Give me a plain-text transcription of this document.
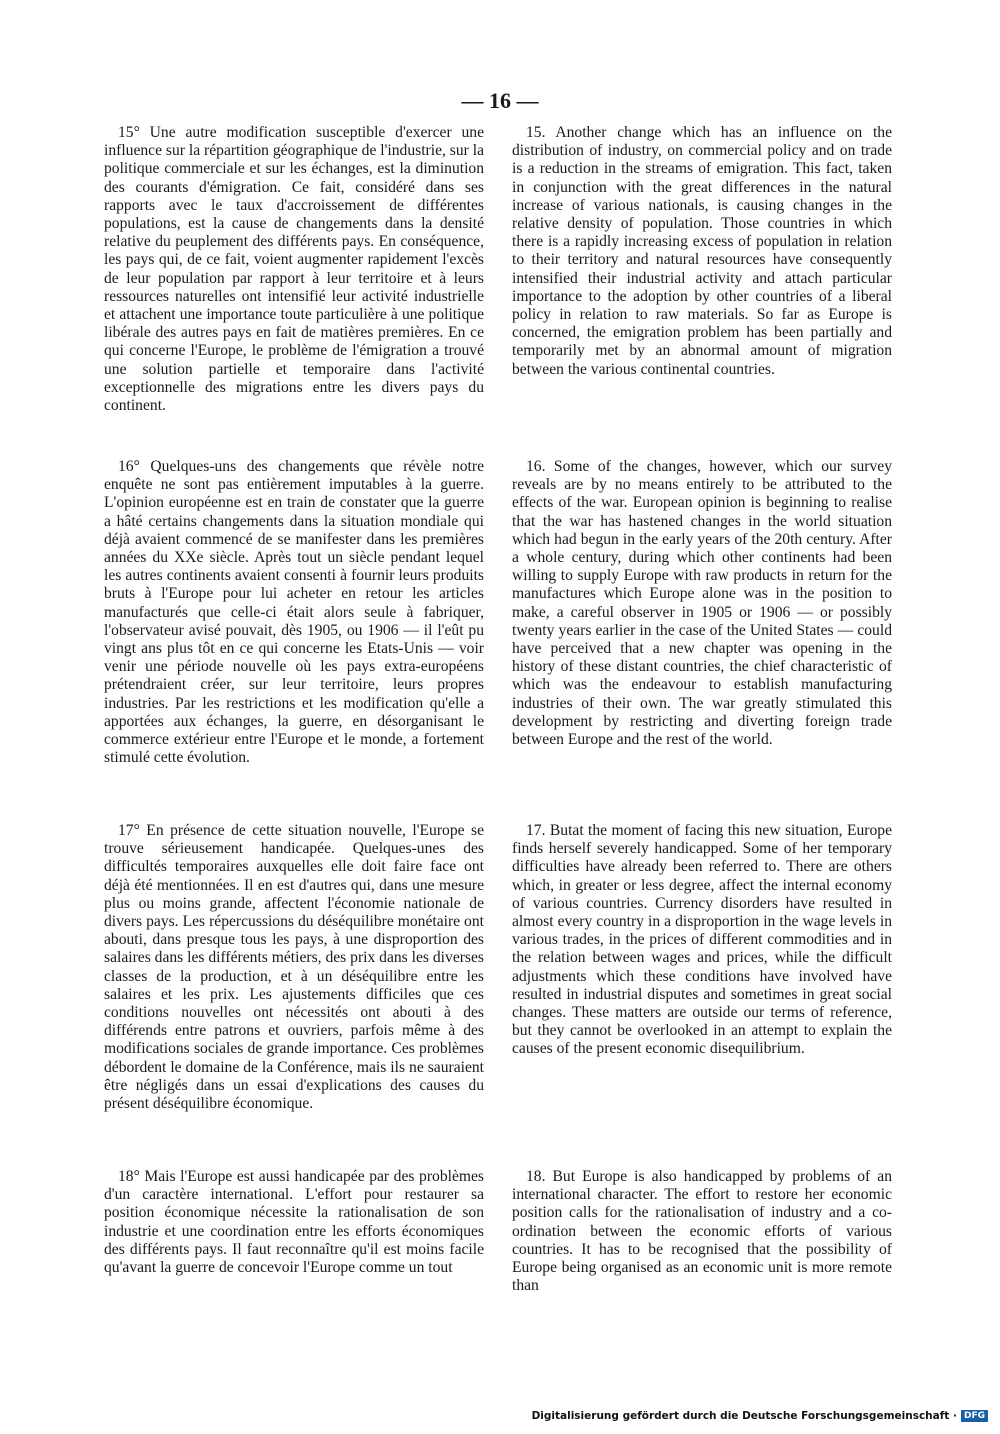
— 16 —

15° Une autre modification susceptible d'exercer une influence sur la répartition géographique de l'industrie, sur la politique commerciale et sur les échanges, est la diminution des courants d'émigration. Ce fait, considéré dans ses rapports avec le taux d'accroissement de différentes populations, est la cause de changements dans la densité relative du peuplement des différents pays. En conséquence, les pays qui, de ce fait, voient augmenter rapidement l'excès de leur population par rapport à leur territoire et à leurs ressources naturelles ont intensifié leur activité industrielle et attachent une importance toute particulière à une politique libérale des autres pays en fait de matières premières. En ce qui concerne l'Europe, le problème de l'émigration a trouvé une solution partielle et temporaire dans l'activité exceptionnelle des migrations entre les divers pays du continent.

16° Quelques-uns des changements que révèle notre enquête ne sont pas entièrement imputables à la guerre. L'opinion européenne est en train de constater que la guerre a hâté certains changements dans la situation mondiale qui déjà avaient commencé de se manifester dans les premières années du XXe siècle. Après tout un siècle pendant lequel les autres continents avaient consenti à fournir leurs produits bruts à l'Europe pour lui acheter en retour les articles manufacturés que celle-ci était alors seule à fabriquer, l'observateur avisé pouvait, dès 1905, ou 1906 — il l'eût pu vingt ans plus tôt en ce qui concerne les Etats-Unis — voir venir une période nouvelle où les pays extra-européens prétendraient créer, sur leur territoire, leurs propres industries. Par les restrictions et les modification qu'elle a apportées aux échanges, la guerre, en désorganisant le commerce extérieur entre l'Europe et le monde, a fortement stimulé cette évolution.

17° En présence de cette situation nouvelle, l'Europe se trouve sérieusement handicapée. Quelques-unes des difficultés temporaires auxquelles elle doit faire face ont déjà été mentionnées. Il en est d'autres qui, dans une mesure plus ou moins grande, affectent l'économie nationale de divers pays. Les répercussions du déséquilibre monétaire ont abouti, dans presque tous les pays, à une disproportion des salaires dans les différents métiers, des prix dans les diverses classes de la production, et à un déséquilibre entre les salaires et les prix. Les ajustements difficiles que ces conditions nouvelles ont nécessités ont abouti à des différends entre patrons et ouvriers, parfois même à des modifications sociales de grande importance. Ces problèmes débordent le domaine de la Conférence, mais ils ne sauraient être négligés dans un essai d'explications des causes du présent déséquilibre économique.

18° Mais l'Europe est aussi handicapée par des problèmes d'un caractère international. L'effort pour restaurer sa position économique nécessite la rationalisation de son industrie et une coordination entre les efforts économiques des différents pays. Il faut reconnaître qu'il est moins facile qu'avant la guerre de concevoir l'Europe comme un tout

15. Another change which has an influence on the distribution of industry, on commercial policy and on trade is a reduction in the streams of emigration. This fact, taken in conjunction with the great differences in the natural increase of various nationals, is causing changes in the relative density of population. Those countries in which there is a rapidly increasing excess of population in relation to their territory and natural resources have consequently intensified their industrial activity and attach particular importance to the adoption by other countries of a liberal policy in relation to raw materials. So far as Europe is concerned, the emigration problem has been partially and temporarily met by an abnormal amount of migration between the various continental countries.

16. Some of the changes, however, which our survey reveals are by no means entirely to be attributed to the effects of the war. European opinion is beginning to realise that the war has hastened changes in the world situation which had begun in the early years of the 20th century. After a whole century, during which other continents had been willing to supply Europe with raw products in return for the manufactures which Europe alone was in the position to make, a careful observer in 1905 or 1906 — or possibly twenty years earlier in the case of the United States — could have perceived that a new chapter was opening in the history of these distant countries, the chief characteristic of which was the endeavour to establish manufacturing industries of their own. The war greatly stimulated this development by restricting and diverting foreign trade between Europe and the rest of the world.

17. Butat the moment of facing this new situation, Europe finds herself severely handicapped. Some of her temporary difficulties have already been referred to. There are others which, in greater or less degree, affect the internal economy of various countries. Currency disorders have resulted in almost every country in a disproportion in the wage levels in various trades, in the prices of different commodities and in the relation between wages and prices, while the difficult adjustments which these conditions have involved have resulted in industrial disputes and sometimes in great social changes. These matters are outside our terms of reference, but they cannot be overlooked in an attempt to explain the causes of the present economic disequilibrium.

18. But Europe is also handicapped by problems of an international character. The effort to restore her economic position calls for the rationalisation of industry and a co-ordination between the economic efforts of various countries. It has to be recognised that the possibility of Europe being organised as an economic unit is more remote than

Digitalisierung gefördert durch die Deutsche Forschungsgemeinschaft · DFG
